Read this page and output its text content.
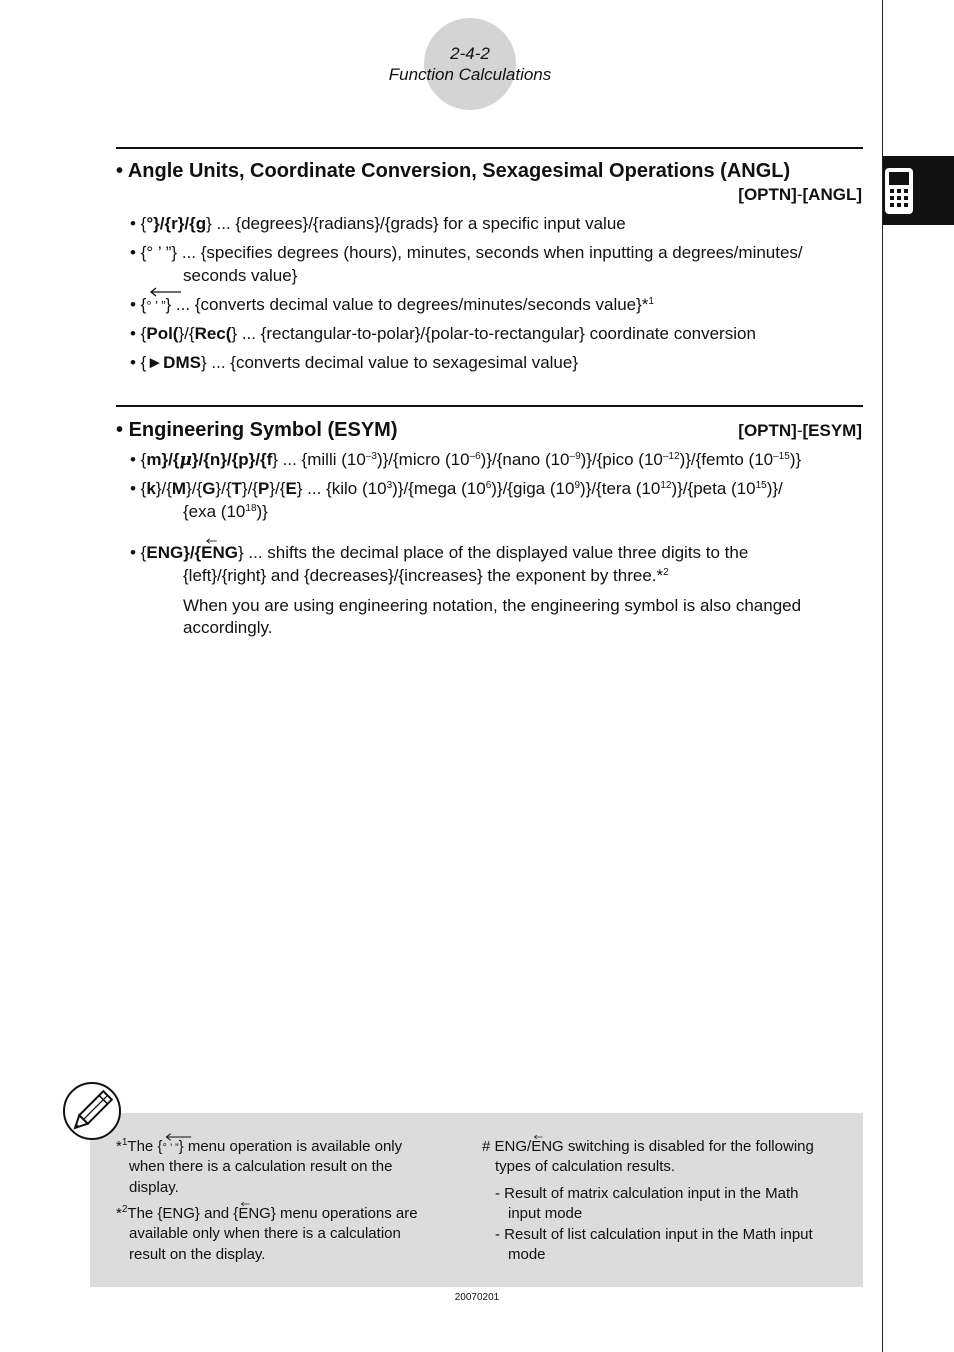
2-4-2
Function Calculations
• Angle Units, Coordinate Conversion, Sexagesimal Operations (ANGL)
[OPTN]-[ANGL]
• {°}/{r}/{g} ... {degrees}/{radians}/{grads} for a specific input value
• {° ’ ”} ... {specifies degrees (hours), minutes, seconds when inputting a degrees/minutes/
seconds value}
• {
° ’ ”} ... {converts decimal value to degrees/minutes/seconds value}*$^1$
• {Pol(}/{Rec(} ... {rectangular-to-polar}/{polar-to-rectangular} coordinate conversion
• {►DMS} ... {converts decimal value to sexagesimal value}
• Engineering Symbol (ESYM)	[OPTN]-[ESYM]
• {m}/{μ}/{n}/{p}/{f} ... {milli $(10^{-3})\}/\{micro$ $(10^{-6})\}/\{nano$ $(10^{-9})\}/\{pico$ $(10^{-12})\}/\{femto$ $(10^{-15})$}
• {k}/{M}/{G}/{T}/{P}/{E} ... {kilo $(10^3)\}/\{mega$ $(10^6)\}/\{giga$ $(10^9)\}/\{tera$ $(10^{12})\}/\{peta$ $(10^{15})\}/$
{exa $(10^{18})$}
• {ENG}/{
ENG} ... shifts the decimal place of the displayed value three digits to the
{left}/{right} and {decreases}/{increases} the exponent by three.*$^2$
When you are using engineering notation, the engineering symbol is also changed
accordingly.
*$^1$The {
° ’ ”} menu operation is available only
when there is a calculation result on the
display.
*$^2$The {ENG} and {
ENG} menu operations are
available only when there is a calculation
result on the display.
# ENG/
ENG switching is disabled for the following
types of calculation results.
- Result of matrix calculation input in the Math
input mode
- Result of list calculation input in the Math input
mode
20070201
